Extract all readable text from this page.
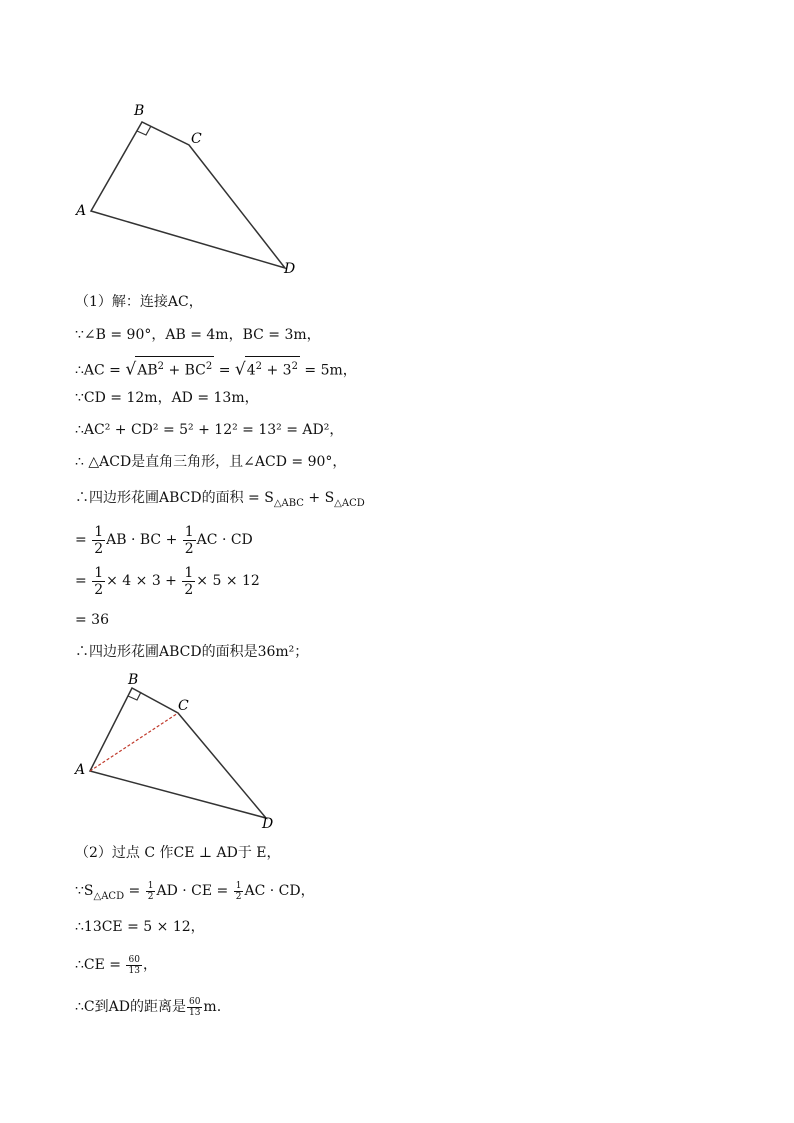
A
B
C
D
（1）解：连接AC，
∵∠B = 90°，AB = 4m，BC = 3m，
∴AC = $√AB^2 + BC^2 = √4^2 + 3^2 = 5m$，
∵CD = 12m，AD = 13m，
∴AC² + CD² = 5² + 12² = 13² = AD²，
∴ △ACD是直角三角形，且∠ACD = 90°，
∴四边形花圃ABCD的面积 = $S_{\triangle ABC} + S_{\triangle ACD}$
= $\frac{1}{2}$ AB · BC + $\frac{1}{2}$ AC · CD
= $\frac{1}{2} \times 4 \times 3 + \frac{1}{2} \times 5 \times 12$
= 36
∴四边形花圃ABCD的面积是36m²；
A
B
C
D
（2）过点 C 作CE ⊥ AD于 E，
$\because S_{\triangle ACD} = \frac{1}{2}$ AD · CE = $\frac{1}{2}$ AC · CD，
∴13CE = 5 × 12，
∴CE = $\frac{60}{13}$ ，
∴C到AD的距离是 $\frac{60}{13} m$.
